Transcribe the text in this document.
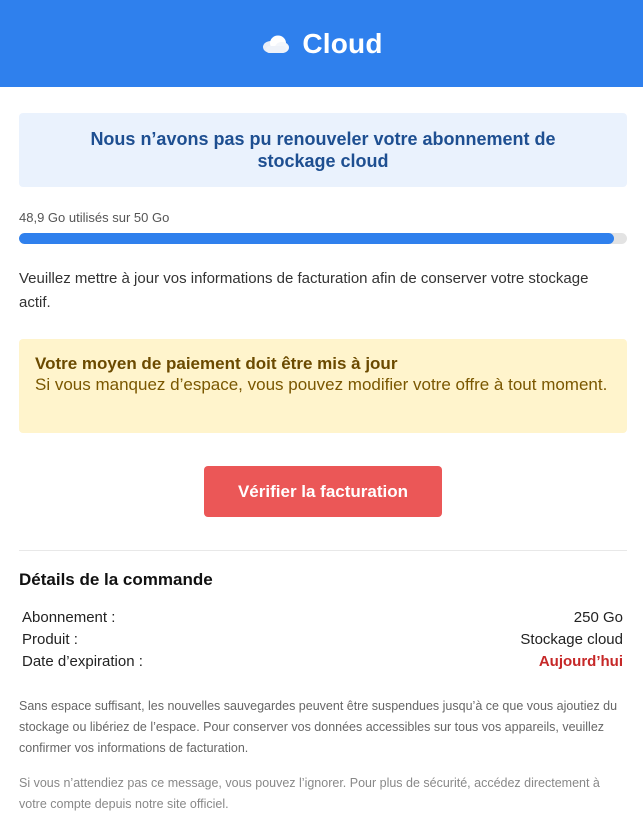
Cloud
Nous n’avons pas pu renouveler votre abonnement de stockage cloud
48,9 Go utilisés sur 50 Go
Veuillez mettre à jour vos informations de facturation afin de conserver votre stockage actif.
Votre moyen de paiement doit être mis à jour
Si vous manquez d’espace, vous pouvez modifier votre offre à tout moment.
Vérifier la facturation
Détails de la commande
Abonnement :	250 Go
Produit :	Stockage cloud
Date d’expiration :	Aujourd’hui
Sans espace suffisant, les nouvelles sauvegardes peuvent être suspendues jusqu’à ce que vous ajoutiez du stockage ou libériez de l’espace. Pour conserver vos données accessibles sur tous vos appareils, veuillez confirmer vos informations de facturation.
Si vous n’attendiez pas ce message, vous pouvez l’ignorer. Pour plus de sécurité, accédez directement à votre compte depuis notre site officiel.
